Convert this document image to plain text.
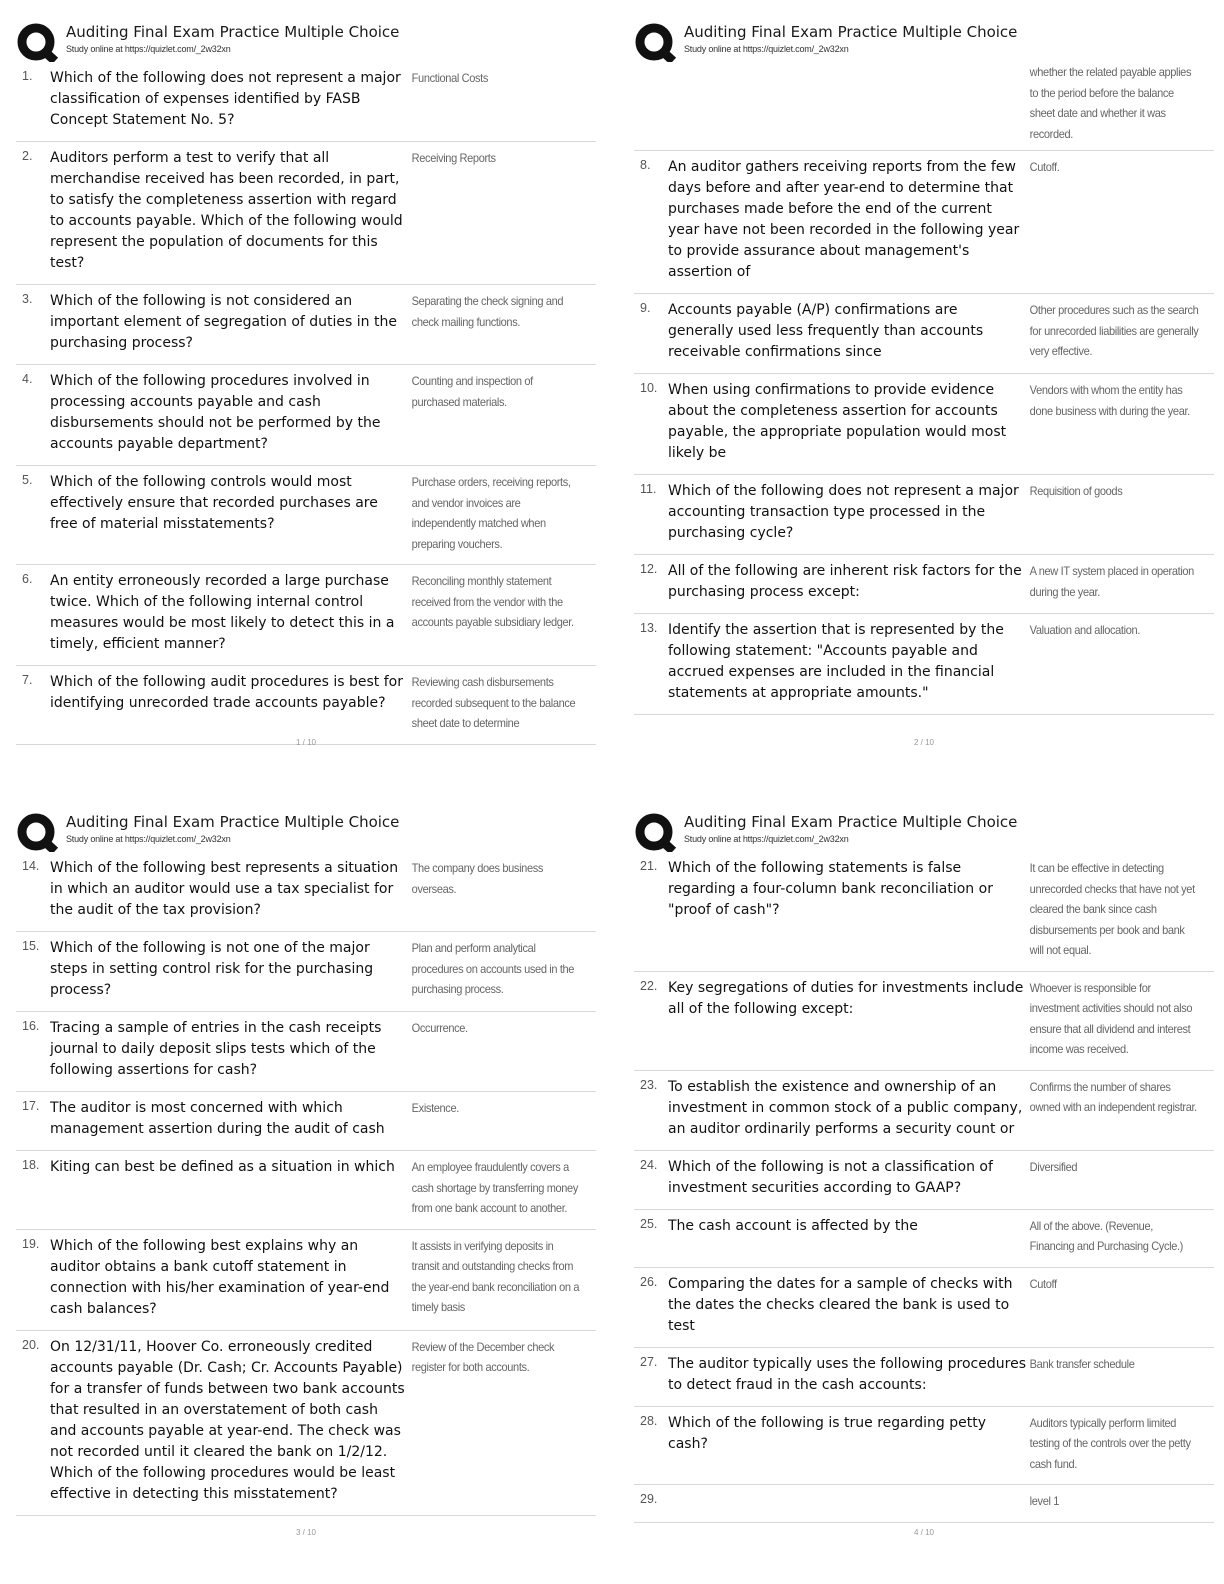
Auditing Final Exam Practice Multiple Choice
Study online at https://quizlet.com/_2w32xn
1.	Which of the following does not represent a major classification of expenses identified by FASB Concept Statement No. 5?
Functional Costs
2.	Auditors perform a test to verify that all merchandise received has been recorded, in part, to satisfy the completeness assertion with regard to accounts payable. Which of the following would represent the population of documents for this test?
Receiving Reports
3.	Which of the following is not considered an important element of segregation of duties in the purchasing process?
Separating the check signing and check mailing functions.
4.	Which of the following procedures involved in processing accounts payable and cash disbursements should not be performed by the accounts payable department?
Counting and inspection of purchased materials.
5.	Which of the following controls would most effectively ensure that recorded purchases are free of material misstatements?
Purchase orders, receiving reports, and vendor invoices are independently matched when preparing vouchers.
6.	An entity erroneously recorded a large purchase twice. Which of the following internal control measures would be most likely to detect this in a timely, efficient manner?
Reconciling monthly statement received from the vendor with the accounts payable subsidiary ledger.
7.	Which of the following audit procedures is best for identifying unrecorded trade accounts payable?
Reviewing cash disbursements recorded subsequent to the balance sheet date to determine
1 / 10
Auditing Final Exam Practice Multiple Choice
Study online at https://quizlet.com/_2w32xn
whether the related payable applies to the period before the balance sheet date and whether it was recorded.
8.	An auditor gathers receiving reports from the few days before and after year-end to determine that purchases made before the end of the current year have not been recorded in the following year to provide assurance about management's assertion of
Cutoff.
9.	Accounts payable (A/P) confirmations are generally used less frequently than accounts receivable confirmations since
Other procedures such as the search for unrecorded liabilities are generally very effective.
10. When using confirmations to provide evidence about the completeness assertion for accounts payable, the appropriate population would most likely be
Vendors with whom the entity has done business with during the year.
11. Which of the following does not represent a major accounting transaction type processed in the purchasing cycle?
Requisition of goods
12. All of the following are inherent risk factors for the purchasing process except:
A new IT system placed in operation during the year.
13. Identify the assertion that is represented by the following statement: "Accounts payable and accrued expenses are included in the financial statements at appropriate amounts."
Valuation and allocation.
2 / 10
Auditing Final Exam Practice Multiple Choice
Study online at https://quizlet.com/_2w32xn
14. Which of the following best represents a situation in which an auditor would use a tax specialist for the audit of the tax provision?
The company does business overseas.
15. Which of the following is not one of the major steps in setting control risk for the purchasing process?
Plan and perform analytical procedures on accounts used in the purchasing process.
16. Tracing a sample of entries in the cash receipts journal to daily deposit slips tests which of the following assertions for cash?
Occurrence.
17. The auditor is most concerned with which management assertion during the audit of cash
Existence.
18. Kiting can best be defined as a situation in which	An employee fraudulently covers a cash shortage by transferring money from one bank account to another.
19. Which of the following best explains why an auditor obtains a bank cutoff statement in connection with his/her examination of year-end cash balances?
It assists in verifying deposits in transit and outstanding checks from the year-end bank reconciliation on a timely basis
20. On 12/31/11, Hoover Co. erroneously credited accounts payable (Dr. Cash; Cr. Accounts Payable) for a transfer of funds between two bank accounts that resulted in an overstatement of both cash and accounts payable at year-end. The check was not recorded until it cleared the bank on 1/2/12. Which of the following procedures would be least effective in detecting this misstatement?
Review of the December check register for both accounts.
3 / 10
Auditing Final Exam Practice Multiple Choice
Study online at https://quizlet.com/_2w32xn
21. Which of the following statements is false regarding a four-column bank reconciliation or "proof of cash"?
It can be effective in detecting unrecorded checks that have not yet cleared the bank since cash disbursements per book and bank will not equal.
22. Key segregations of duties for investments include all of the following except:
Whoever is responsible for investment activities should not also ensure that all dividend and interest income was received.
23. To establish the existence and ownership of an investment in common stock of a public company, an auditor ordinarily performs a security count or
Confirms the number of shares owned with an independent registrar.
24. Which of the following is not a classification of investment securities according to GAAP?
Diversified
25. The cash account is affected by the	All of the above. (Revenue, Financing and Purchasing Cycle.)
26. Comparing the dates for a sample of checks with the dates the checks cleared the bank is used to test
Cutoff
27. The auditor typically uses the following procedures to detect fraud in the cash accounts:
Bank transfer schedule
28. Which of the following is true regarding petty cash?
Auditors typically perform limited testing of the controls over the petty cash fund.
29.	level 1
4 / 10
